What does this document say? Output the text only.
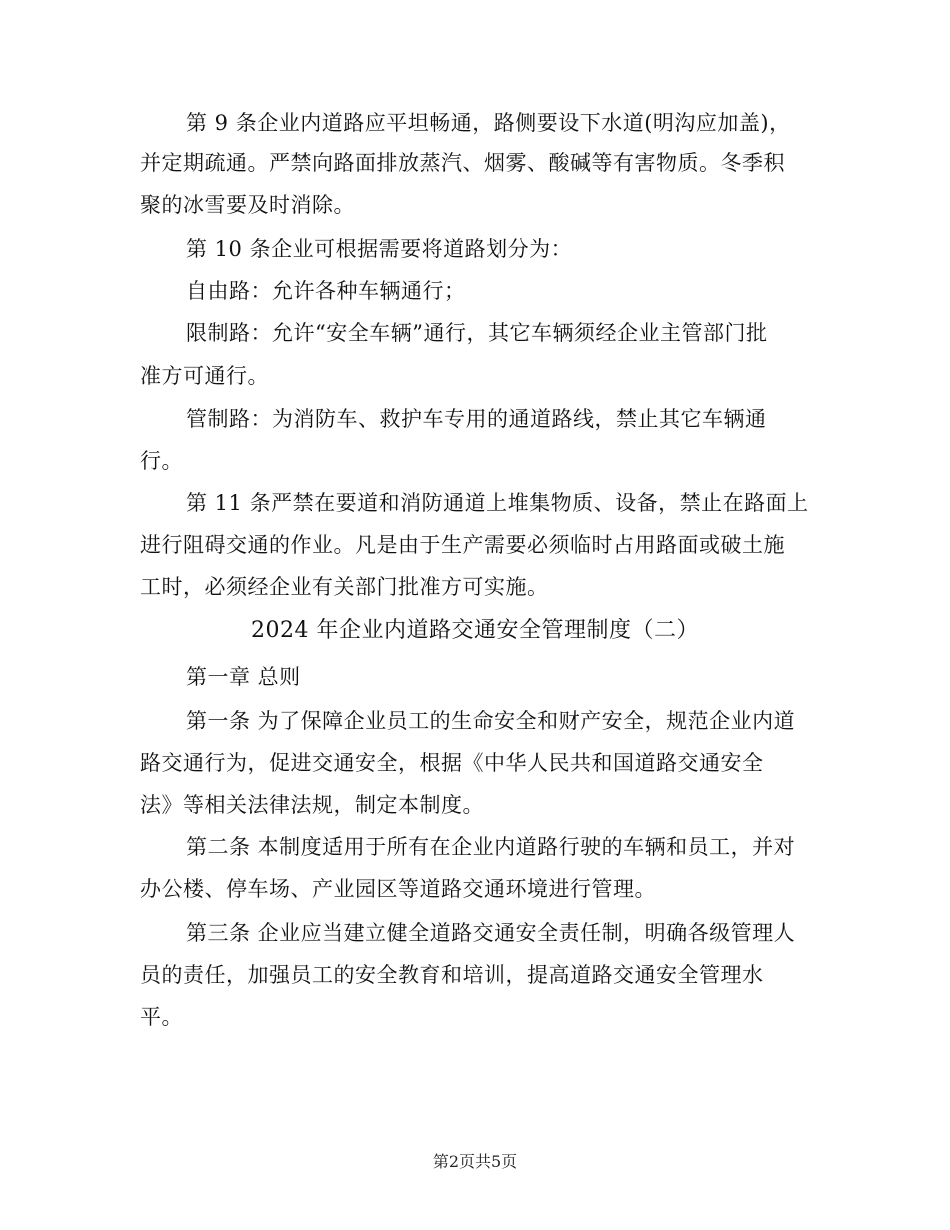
第 9 条企业内道路应平坦畅通，路侧要设下水道(明沟应加盖)，
并定期疏通。严禁向路面排放蒸汽、烟雾、酸碱等有害物质。冬季积
聚的冰雪要及时消除。
第 10 条企业可根据需要将道路划分为：
自由路：允许各种车辆通行；
限制路：允许“安全车辆”通行，其它车辆须经企业主管部门批
准方可通行。
管制路：为消防车、救护车专用的通道路线，禁止其它车辆通
行。
第 11 条严禁在要道和消防通道上堆集物质、设备，禁止在路面上
进行阻碍交通的作业。凡是由于生产需要必须临时占用路面或破土施
工时，必须经企业有关部门批准方可实施。
2024 年企业内道路交通安全管理制度（二）
第一章 总则
第一条 为了保障企业员工的生命安全和财产安全，规范企业内道
路交通行为，促进交通安全，根据《中华人民共和国道路交通安全
法》等相关法律法规，制定本制度。
第二条 本制度适用于所有在企业内道路行驶的车辆和员工，并对
办公楼、停车场、产业园区等道路交通环境进行管理。
第三条 企业应当建立健全道路交通安全责任制，明确各级管理人
员的责任，加强员工的安全教育和培训，提高道路交通安全管理水
平。
第2页共5页
